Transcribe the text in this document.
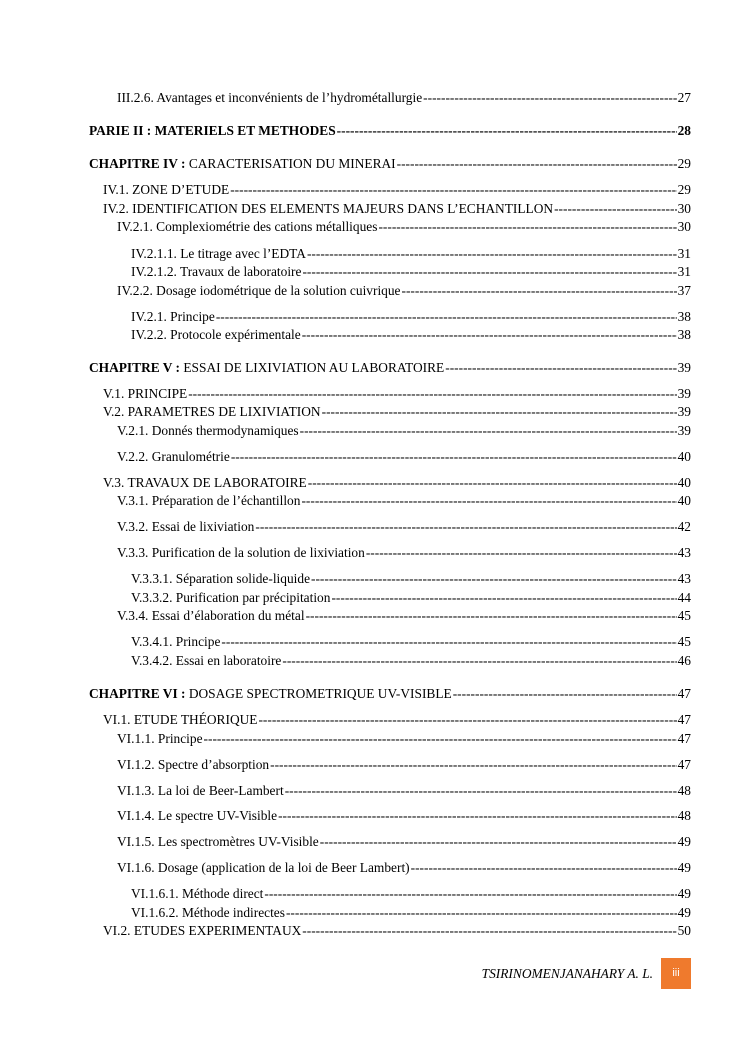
III.2.6. Avantages et inconvénients de l’hydrométallurgie -----	27
PARIE II : MATERIELS ET METHODES -----	28
CHAPITRE IV : CARACTERISATION DU MINERAI -----	29
IV.1. ZONE D’ETUDE -----	29
IV.2. IDENTIFICATION DES ELEMENTS MAJEURS DANS L’ECHANTILLON -----	30
IV.2.1. Complexiométrie des cations métalliques -----	30
IV.2.1.1. Le titrage avec l’EDTA -----	31
IV.2.1.2. Travaux de laboratoire -----	31
IV.2.2. Dosage iodométrique de la solution cuivrique -----	37
IV.2.1. Principe -----	38
IV.2.2. Protocole expérimentale -----	38
CHAPITRE V : ESSAI DE LIXIVIATION AU LABORATOIRE -----	39
V.1. PRINCIPE -----	39
V.2. PARAMETRES DE LIXIVIATION -----	39
V.2.1. Donnés thermodynamiques -----	39
V.2.2. Granulométrie -----	40
V.3. TRAVAUX DE LABORATOIRE -----	40
V.3.1. Préparation de l’échantillon -----	40
V.3.2. Essai de lixiviation -----	42
V.3.3. Purification de la solution de lixiviation -----	43
V.3.3.1. Séparation solide-liquide -----	43
V.3.3.2. Purification par précipitation -----	44
V.3.4. Essai d’élaboration du métal -----	45
V.3.4.1. Principe -----	45
V.3.4.2. Essai en laboratoire -----	46
CHAPITRE VI : DOSAGE SPECTROMETRIQUE UV-VISIBLE -----	47
VI.1. ETUDE THÉORIQUE -----	47
VI.1.1. Principe -----	47
VI.1.2. Spectre d’absorption -----	47
VI.1.3. La loi de Beer-Lambert -----	48
VI.1.4. Le spectre UV-Visible -----	48
VI.1.5. Les spectromètres UV-Visible -----	49
VI.1.6. Dosage (application de la loi de Beer Lambert) -----	49
VI.1.6.1. Méthode direct -----	49
VI.1.6.2. Méthode indirectes -----	49
VI.2. ETUDES EXPERIMENTAUX -----	50
TSIRINOMENJANAHARY A. L.	iii
